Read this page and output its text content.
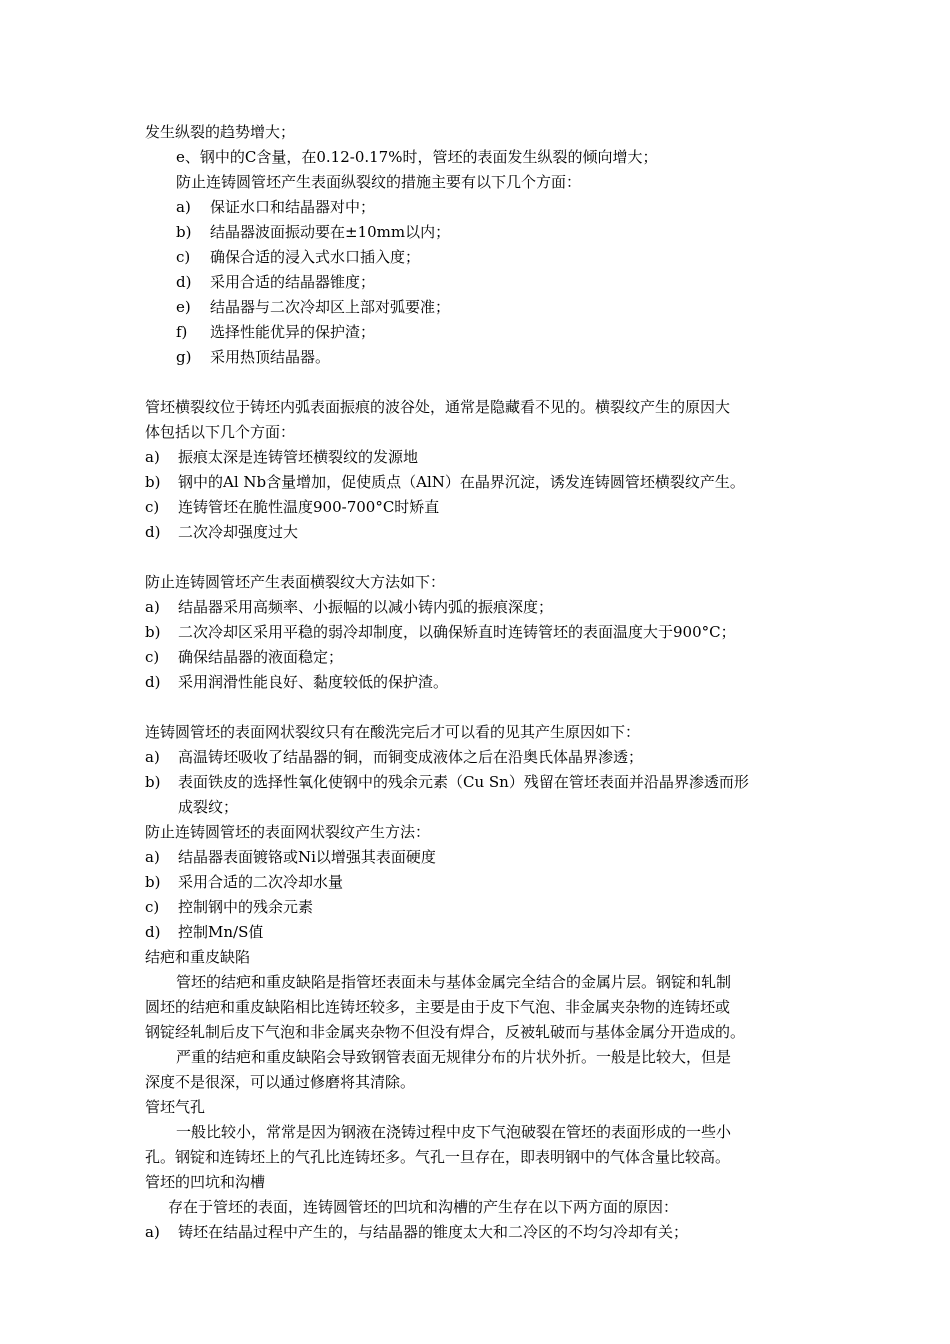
发生纵裂的趋势增大；
e、钢中的C含量，在0.12-0.17%时，管坯的表面发生纵裂的倾向增大；
防止连铸圆管坯产生表面纵裂纹的措施主要有以下几个方面：
a) 保证水口和结晶器对中；
b) 结晶器波面振动要在±10mm以内；
c) 确保合适的浸入式水口插入度；
d) 采用合适的结晶器锥度；
e) 结晶器与二次冷却区上部对弧要准；
f) 选择性能优异的保护渣；
g) 采用热顶结晶器。
管坯横裂纹位于铸坯内弧表面振痕的波谷处，通常是隐藏看不见的。横裂纹产生的原因大
体包括以下几个方面：
a) 振痕太深是连铸管坯横裂纹的发源地
b) 钢中的Al Nb含量增加，促使质点（AlN）在晶界沉淀，诱发连铸圆管坯横裂纹产生。
c) 连铸管坯在脆性温度900-700°C时矫直
d) 二次冷却强度过大
防止连铸圆管坯产生表面横裂纹大方法如下：
a) 结晶器采用高频率、小振幅的以减小铸内弧的振痕深度；
b) 二次冷却区采用平稳的弱冷却制度，以确保矫直时连铸管坯的表面温度大于900°C；
c) 确保结晶器的液面稳定；
d) 采用润滑性能良好、黏度较低的保护渣。
连铸圆管坯的表面网状裂纹只有在酸洗完后才可以看的见其产生原因如下：
a) 高温铸坯吸收了结晶器的铜，而铜变成液体之后在沿奥氏体晶界渗透；
b) 表面铁皮的选择性氧化使钢中的残余元素（Cu Sn）残留在管坯表面并沿晶界渗透而形
成裂纹；
防止连铸圆管坯的表面网状裂纹产生方法：
a) 结晶器表面镀铬或Ni以增强其表面硬度
b) 采用合适的二次冷却水量
c) 控制钢中的残余元素
d) 控制Mn/S值
结疤和重皮缺陷
管坯的结疤和重皮缺陷是指管坯表面未与基体金属完全结合的金属片层。钢锭和轧制
圆坯的结疤和重皮缺陷相比连铸坯较多，主要是由于皮下气泡、非金属夹杂物的连铸坯或
钢锭经轧制后皮下气泡和非金属夹杂物不但没有焊合，反被轧破而与基体金属分开造成的。
严重的结疤和重皮缺陷会导致钢管表面无规律分布的片状外折。一般是比较大，但是
深度不是很深，可以通过修磨将其清除。
管坯气孔
一般比较小，常常是因为钢液在浇铸过程中皮下气泡破裂在管坯的表面形成的一些小
孔。钢锭和连铸坯上的气孔比连铸坯多。气孔一旦存在，即表明钢中的气体含量比较高。
管坯的凹坑和沟槽
存在于管坯的表面，连铸圆管坯的凹坑和沟槽的产生存在以下两方面的原因：
a) 铸坯在结晶过程中产生的，与结晶器的锥度太大和二冷区的不均匀冷却有关；
